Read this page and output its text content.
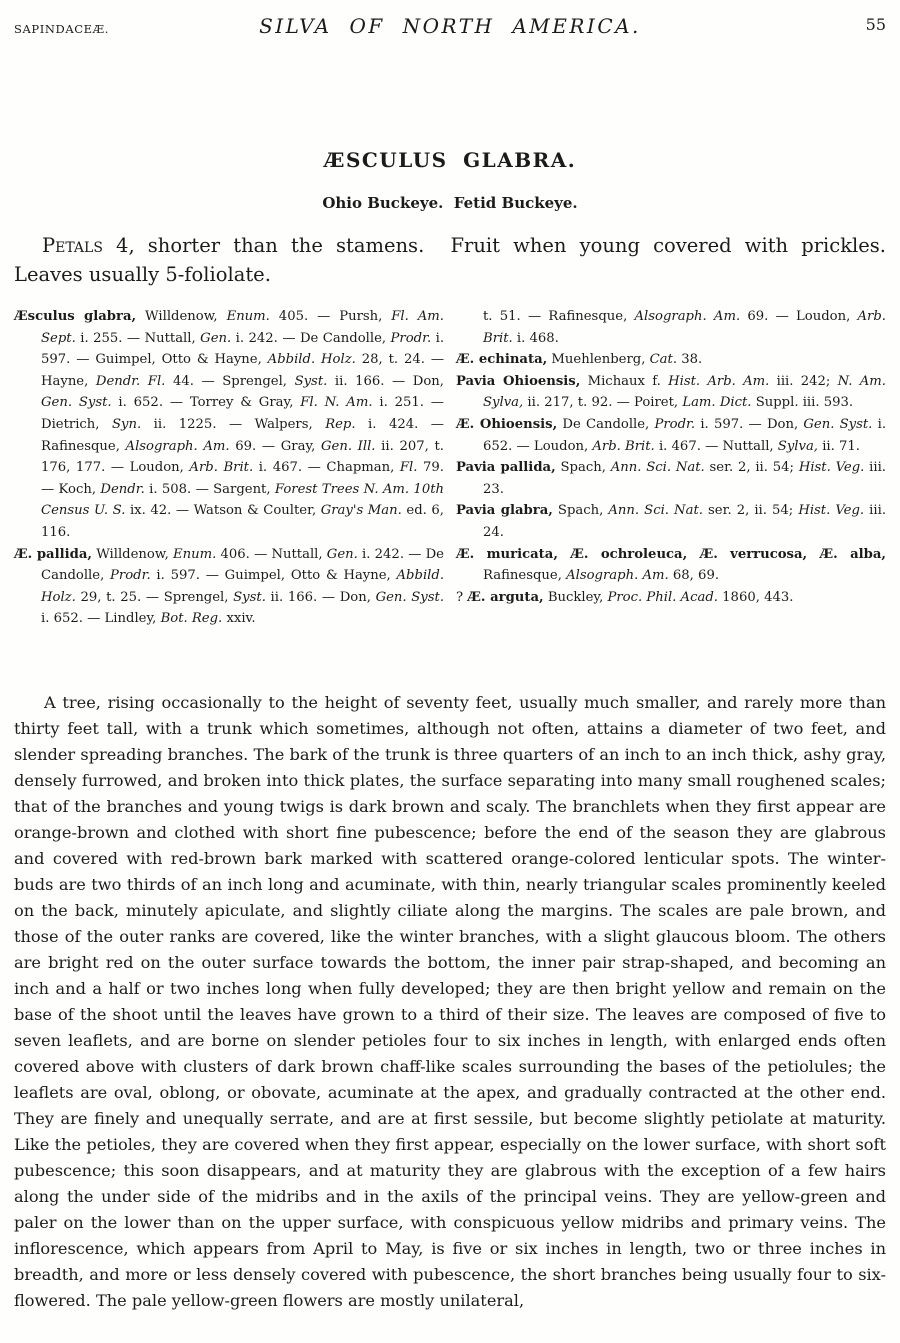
SAPINDACEÆ.	SILVA OF NORTH AMERICA.	55
ÆSCULUS GLABRA.
Ohio Buckeye.  Fetid Buckeye.
Petals 4, shorter than the stamens.  Fruit when young covered with prickles.
Leaves usually 5-foliolate.

Æsculus glabra, Willdenow, Enum. 405. — Pursh, Fl. Am. Sept. i. 255. — Nuttall, Gen. i. 242. — De Candolle, Prodr. i. 597. — Guimpel, Otto & Hayne, Abbild. Holz. 28, t. 24. — Hayne, Dendr. Fl. 44. — Sprengel, Syst. ii. 166. — Don, Gen. Syst. i. 652. — Torrey & Gray, Fl. N. Am. i. 251. — Dietrich, Syn. ii. 1225. — Walpers, Rep. i. 424. — Rafinesque, Alsograph. Am. 69. — Gray, Gen. Ill. ii. 207, t. 176, 177. — Loudon, Arb. Brit. i. 467. — Chapman, Fl. 79. — Koch, Dendr. i. 508. — Sargent, Forest Trees N. Am. 10th Census U. S. ix. 42. — Watson & Coulter, Gray's Man. ed. 6, 116.

Æ. pallida, Willdenow, Enum. 406. — Nuttall, Gen. i. 242. — De Candolle, Prodr. i. 597. — Guimpel, Otto & Hayne, Abbild. Holz. 29, t. 25. — Sprengel, Syst. ii. 166. — Don, Gen. Syst. i. 652. — Lindley, Bot. Reg. xxiv.

t. 51. — Rafinesque, Alsograph. Am. 69. — Loudon, Arb. Brit. i. 468.

Æ. echinata, Muehlenberg, Cat. 38.

Pavia Ohioensis, Michaux f. Hist. Arb. Am. iii. 242; N. Am. Sylva, ii. 217, t. 92. — Poiret, Lam. Dict. Suppl. iii. 593.

Æ. Ohioensis, De Candolle, Prodr. i. 597. — Don, Gen. Syst. i. 652. — Loudon, Arb. Brit. i. 467. — Nuttall, Sylva, ii. 71.

Pavia pallida, Spach, Ann. Sci. Nat. ser. 2, ii. 54; Hist. Veg. iii. 23.

Pavia glabra, Spach, Ann. Sci. Nat. ser. 2, ii. 54; Hist. Veg. iii. 24.

Æ. muricata, Æ. ochroleuca, Æ. verrucosa, Æ. alba, Rafinesque, Alsograph. Am. 68, 69.

? Æ. arguta, Buckley, Proc. Phil. Acad. 1860, 443.

A tree, rising occasionally to the height of seventy feet, usually much smaller, and rarely more than thirty feet tall, with a trunk which sometimes, although not often, attains a diameter of two feet, and slender spreading branches. The bark of the trunk is three quarters of an inch to an inch thick, ashy gray, densely furrowed, and broken into thick plates, the surface separating into many small roughened scales; that of the branches and young twigs is dark brown and scaly. The branchlets when they first appear are orange-brown and clothed with short fine pubescence; before the end of the season they are glabrous and covered with red-brown bark marked with scattered orange-colored lenticular spots. The winter-buds are two thirds of an inch long and acuminate, with thin, nearly triangular scales prominently keeled on the back, minutely apiculate, and slightly ciliate along the margins. The scales are pale brown, and those of the outer ranks are covered, like the winter branches, with a slight glaucous bloom. The others are bright red on the outer surface towards the bottom, the inner pair strap-shaped, and becoming an inch and a half or two inches long when fully developed; they are then bright yellow and remain on the base of the shoot until the leaves have grown to a third of their size. The leaves are composed of five to seven leaflets, and are borne on slender petioles four to six inches in length, with enlarged ends often covered above with clusters of dark brown chaff-like scales surrounding the bases of the petiolules; the leaflets are oval, oblong, or obovate, acuminate at the apex, and gradually contracted at the other end. They are finely and unequally serrate, and are at first sessile, but become slightly petiolate at maturity. Like the petioles, they are covered when they first appear, especially on the lower surface, with short soft pubescence; this soon disappears, and at maturity they are glabrous with the exception of a few hairs along the under side of the midribs and in the axils of the principal veins. They are yellow-green and paler on the lower than on the upper surface, with conspicuous yellow midribs and primary veins. The inflorescence, which appears from April to May, is five or six inches in length, two or three inches in breadth, and more or less densely covered with pubescence, the short branches being usually four to six-flowered. The pale yellow-green flowers are mostly unilateral,
